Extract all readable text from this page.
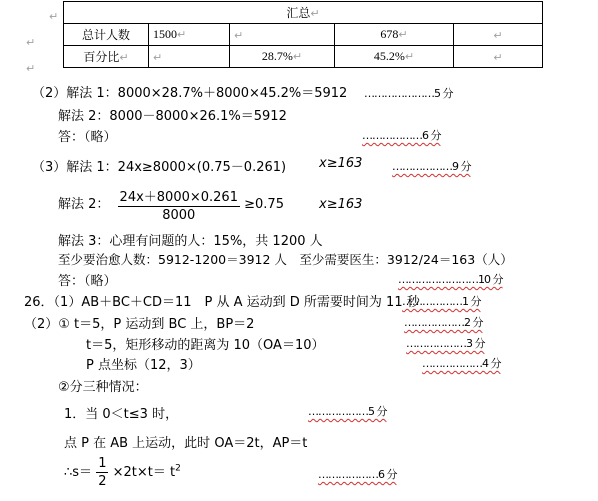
汇总↵				
总计人数	1500↵	↵	678↵	↵
百分比↵	↵	28.7%↵	45.2%↵	↵
↵
↵
↵
（2）解法 1：8000×28.7%＋8000×45.2%＝5912 …………………5 分
解法 2：8000－8000×26.1%＝5912
答：（略）	………………6 分
（3）解法 1：24x≥8000×(0.75－0.261)	x≥163	………………9 分
解法 2： $\frac{24x+8000\times 0.261}{8000} \ge 0.75$	x≥163
解法 3：心理有问题的人：15%，共 1200 人
至少要治愈人数：5912-1200＝3912 人　至少需要医生：3912/24＝163（人）
答：（略）	……………………10 分
26．（1）AB＋BC＋CD＝11　P 从 A 运动到 D 所需要时间为 11 秒
………………1 分
（2）① t＝5，P 运动到 BC 上，BP＝2	………………2 分
t＝5，矩形移动的距离为 10（OA＝10）	………………3 分
P 点坐标（12，3）	………………4 分
②分三种情况：
1．当 0＜t≤3 时，	………………5 分
点 P 在 AB 上运动，此时 OA＝2t，AP＝t
∴s＝ $\frac{1}{2} \times 2t\times t= t^2$	………………6 分
